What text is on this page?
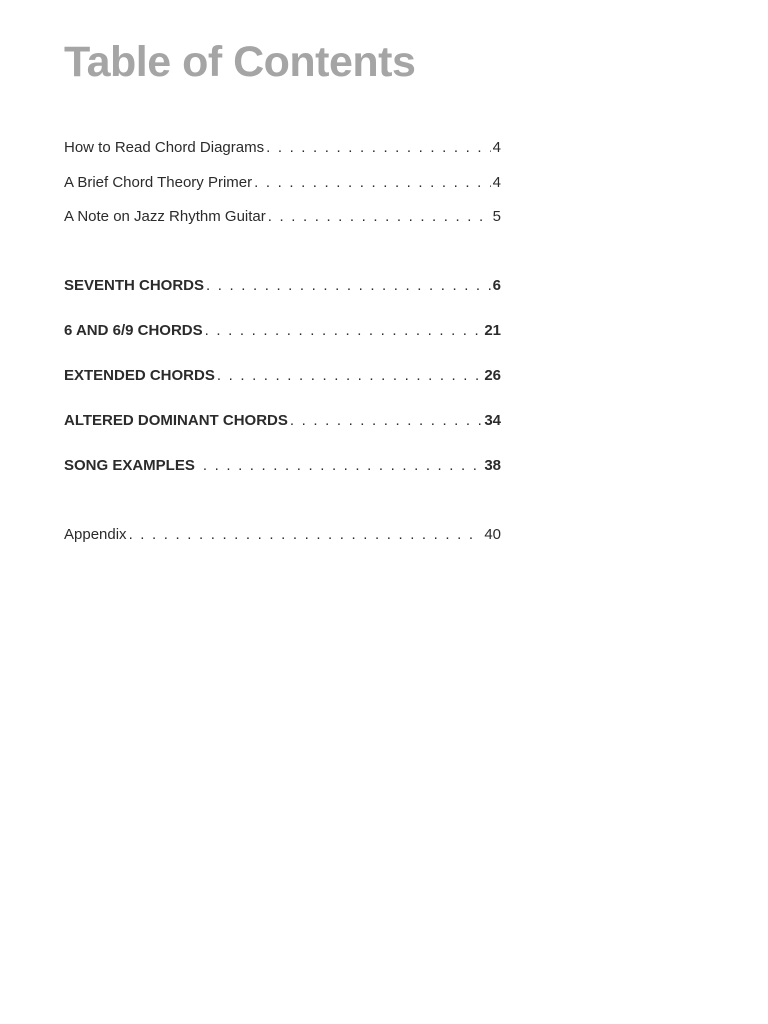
Table of Contents
How to Read Chord Diagrams . . .	4
A Brief Chord Theory Primer . . .	4
A Note on Jazz Rhythm Guitar . . .	5
SEVENTH CHORDS . . .	6
6 AND 6/9 CHORDS . . .	21
EXTENDED CHORDS . . .	26
ALTERED DOMINANT CHORDS . . .	34
SONG EXAMPLES . . .	38
Appendix . . .	40
